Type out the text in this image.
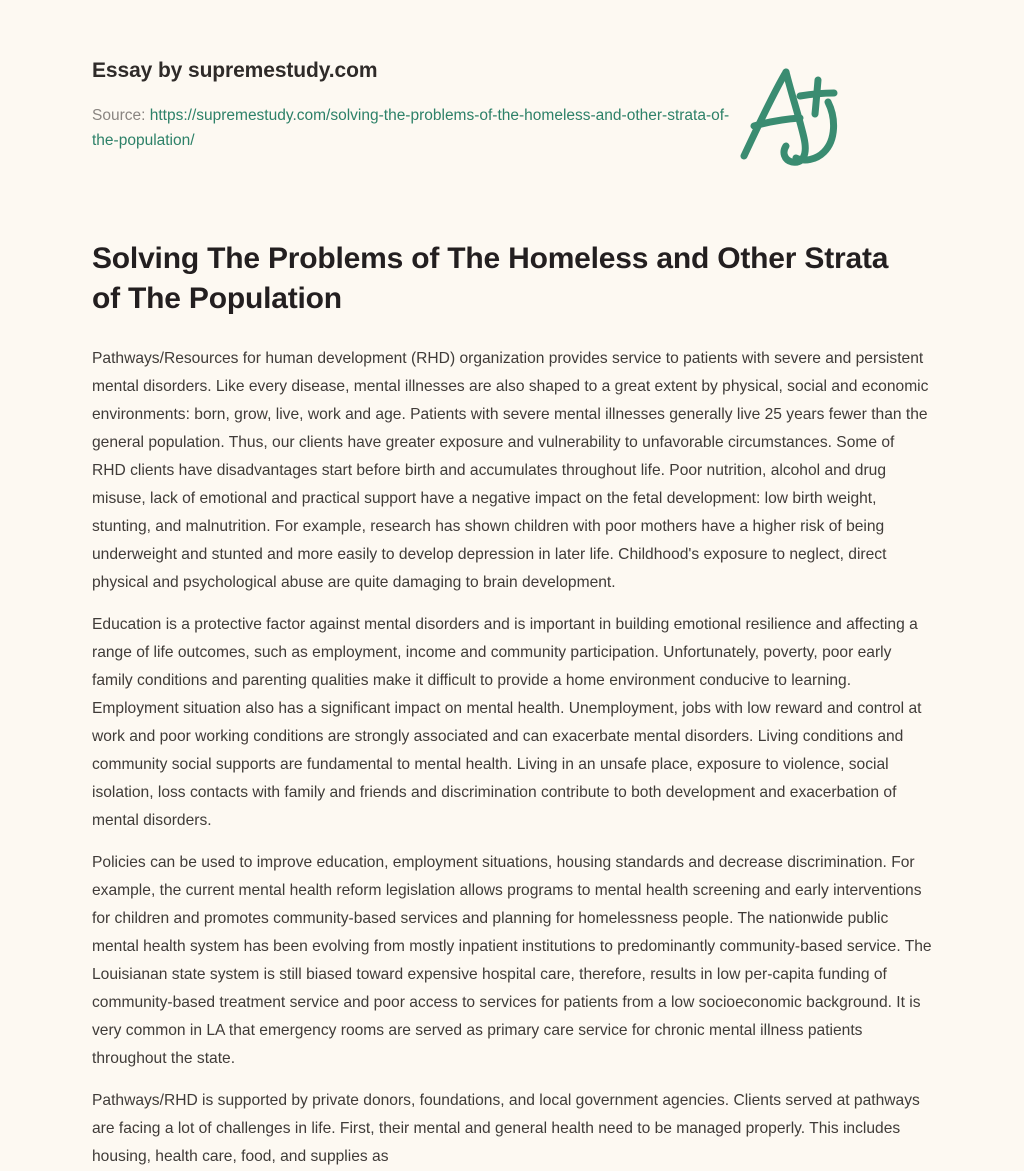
Essay by supremestudy.com

Source: https://supremestudy.com/solving-the-problems-of-the-homeless-and-other-strata-of-the-population/

Solving The Problems of The Homeless and Other Strata of The Population

Pathways/Resources for human development (RHD) organization provides service to patients with severe and persistent mental disorders. Like every disease, mental illnesses are also shaped to a great extent by physical, social and economic environments: born, grow, live, work and age. Patients with severe mental illnesses generally live 25 years fewer than the general population. Thus, our clients have greater exposure and vulnerability to unfavorable circumstances. Some of RHD clients have disadvantages start before birth and accumulates throughout life. Poor nutrition, alcohol and drug misuse, lack of emotional and practical support have a negative impact on the fetal development: low birth weight, stunting, and malnutrition. For example, research has shown children with poor mothers have a higher risk of being underweight and stunted and more easily to develop depression in later life. Childhood's exposure to neglect, direct physical and psychological abuse are quite damaging to brain development.

Education is a protective factor against mental disorders and is important in building emotional resilience and affecting a range of life outcomes, such as employment, income and community participation. Unfortunately, poverty, poor early family conditions and parenting qualities make it difficult to provide a home environment conducive to learning. Employment situation also has a significant impact on mental health. Unemployment, jobs with low reward and control at work and poor working conditions are strongly associated and can exacerbate mental disorders. Living conditions and community social supports are fundamental to mental health. Living in an unsafe place, exposure to violence, social isolation, loss contacts with family and friends and discrimination contribute to both development and exacerbation of mental disorders.

Policies can be used to improve education, employment situations, housing standards and decrease discrimination. For example, the current mental health reform legislation allows programs to mental health screening and early interventions for children and promotes community-based services and planning for homelessness people. The nationwide public mental health system has been evolving from mostly inpatient institutions to predominantly community-based service. The Louisianan state system is still biased toward expensive hospital care, therefore, results in low per-capita funding of community-based treatment service and poor access to services for patients from a low socioeconomic background. It is very common in LA that emergency rooms are served as primary care service for chronic mental illness patients throughout the state.

Pathways/RHD is supported by private donors, foundations, and local government agencies. Clients served at pathways are facing a lot of challenges in life. First, their mental and general health need to be managed properly. This includes housing, health care, food, and supplies as
